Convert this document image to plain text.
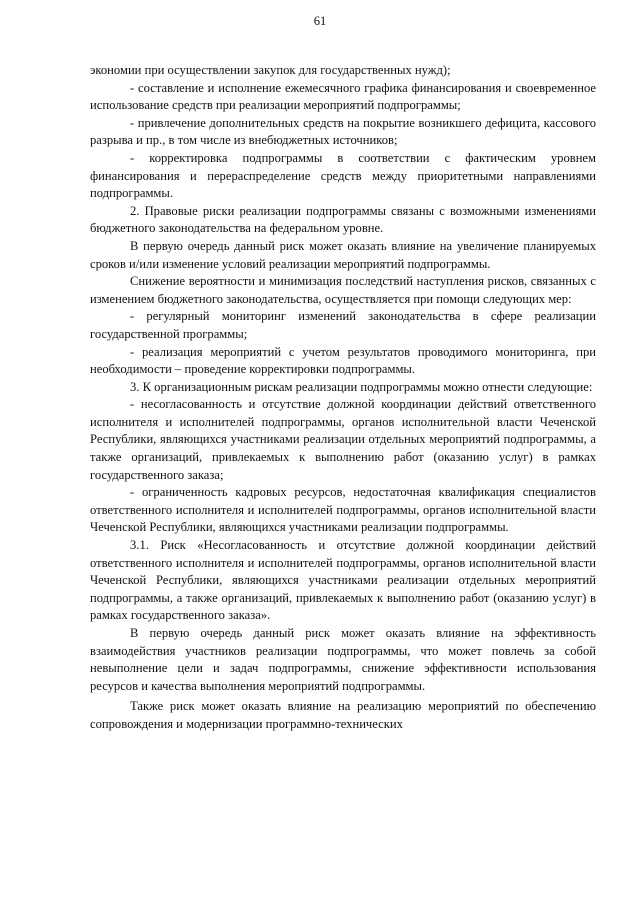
61

экономии при осуществлении закупок для государственных нужд);

- составление и исполнение ежемесячного графика финансирования и своевременное использование средств при реализации мероприятий подпрограммы;

- привлечение дополнительных средств на покрытие возникшего дефицита, кассового разрыва и пр., в том числе из внебюджетных источников;

- корректировка подпрограммы в соответствии с фактическим уровнем финансирования и перераспределение средств между приоритетными направлениями подпрограммы.

2. Правовые риски реализации подпрограммы связаны с возможными изменениями бюджетного законодательства на федеральном уровне.

В первую очередь данный риск может оказать влияние на увеличение планируемых сроков и/или изменение условий реализации мероприятий подпрограммы.

Снижение вероятности и минимизация последствий наступления рисков, связанных с изменением бюджетного законодательства, осуществляется при помощи следующих мер:

- регулярный мониторинг изменений законодательства в сфере реализации государственной программы;

- реализация мероприятий с учетом результатов проводимого мониторинга, при необходимости – проведение корректировки подпрограммы.

3. К организационным рискам реализации подпрограммы можно отнести следующие:

- несогласованность и отсутствие должной координации действий ответственного исполнителя и исполнителей подпрограммы, органов исполнительной власти Чеченской Республики, являющихся участниками реализации отдельных мероприятий подпрограммы, а также организаций, привлекаемых к выполнению работ (оказанию услуг) в рамках государственного заказа;

- ограниченность кадровых ресурсов, недостаточная квалификация специалистов ответственного исполнителя и исполнителей подпрограммы, органов исполнительной власти Чеченской Республики, являющихся участниками реализации подпрограммы.

3.1. Риск «Несогласованность и отсутствие должной координации действий ответственного исполнителя и исполнителей подпрограммы, органов исполнительной власти Чеченской Республики, являющихся участниками реализации отдельных мероприятий подпрограммы, а также организаций, привлекаемых к выполнению работ (оказанию услуг) в рамках государственного заказа».

В первую очередь данный риск может оказать влияние на эффективность взаимодействия участников реализации подпрограммы, что может повлечь за собой невыполнение цели и задач подпрограммы, снижение эффективности использования ресурсов и качества выполнения мероприятий подпрограммы.

Также риск может оказать влияние на реализацию мероприятий по обеспечению сопровождения и модернизации программно-технических
